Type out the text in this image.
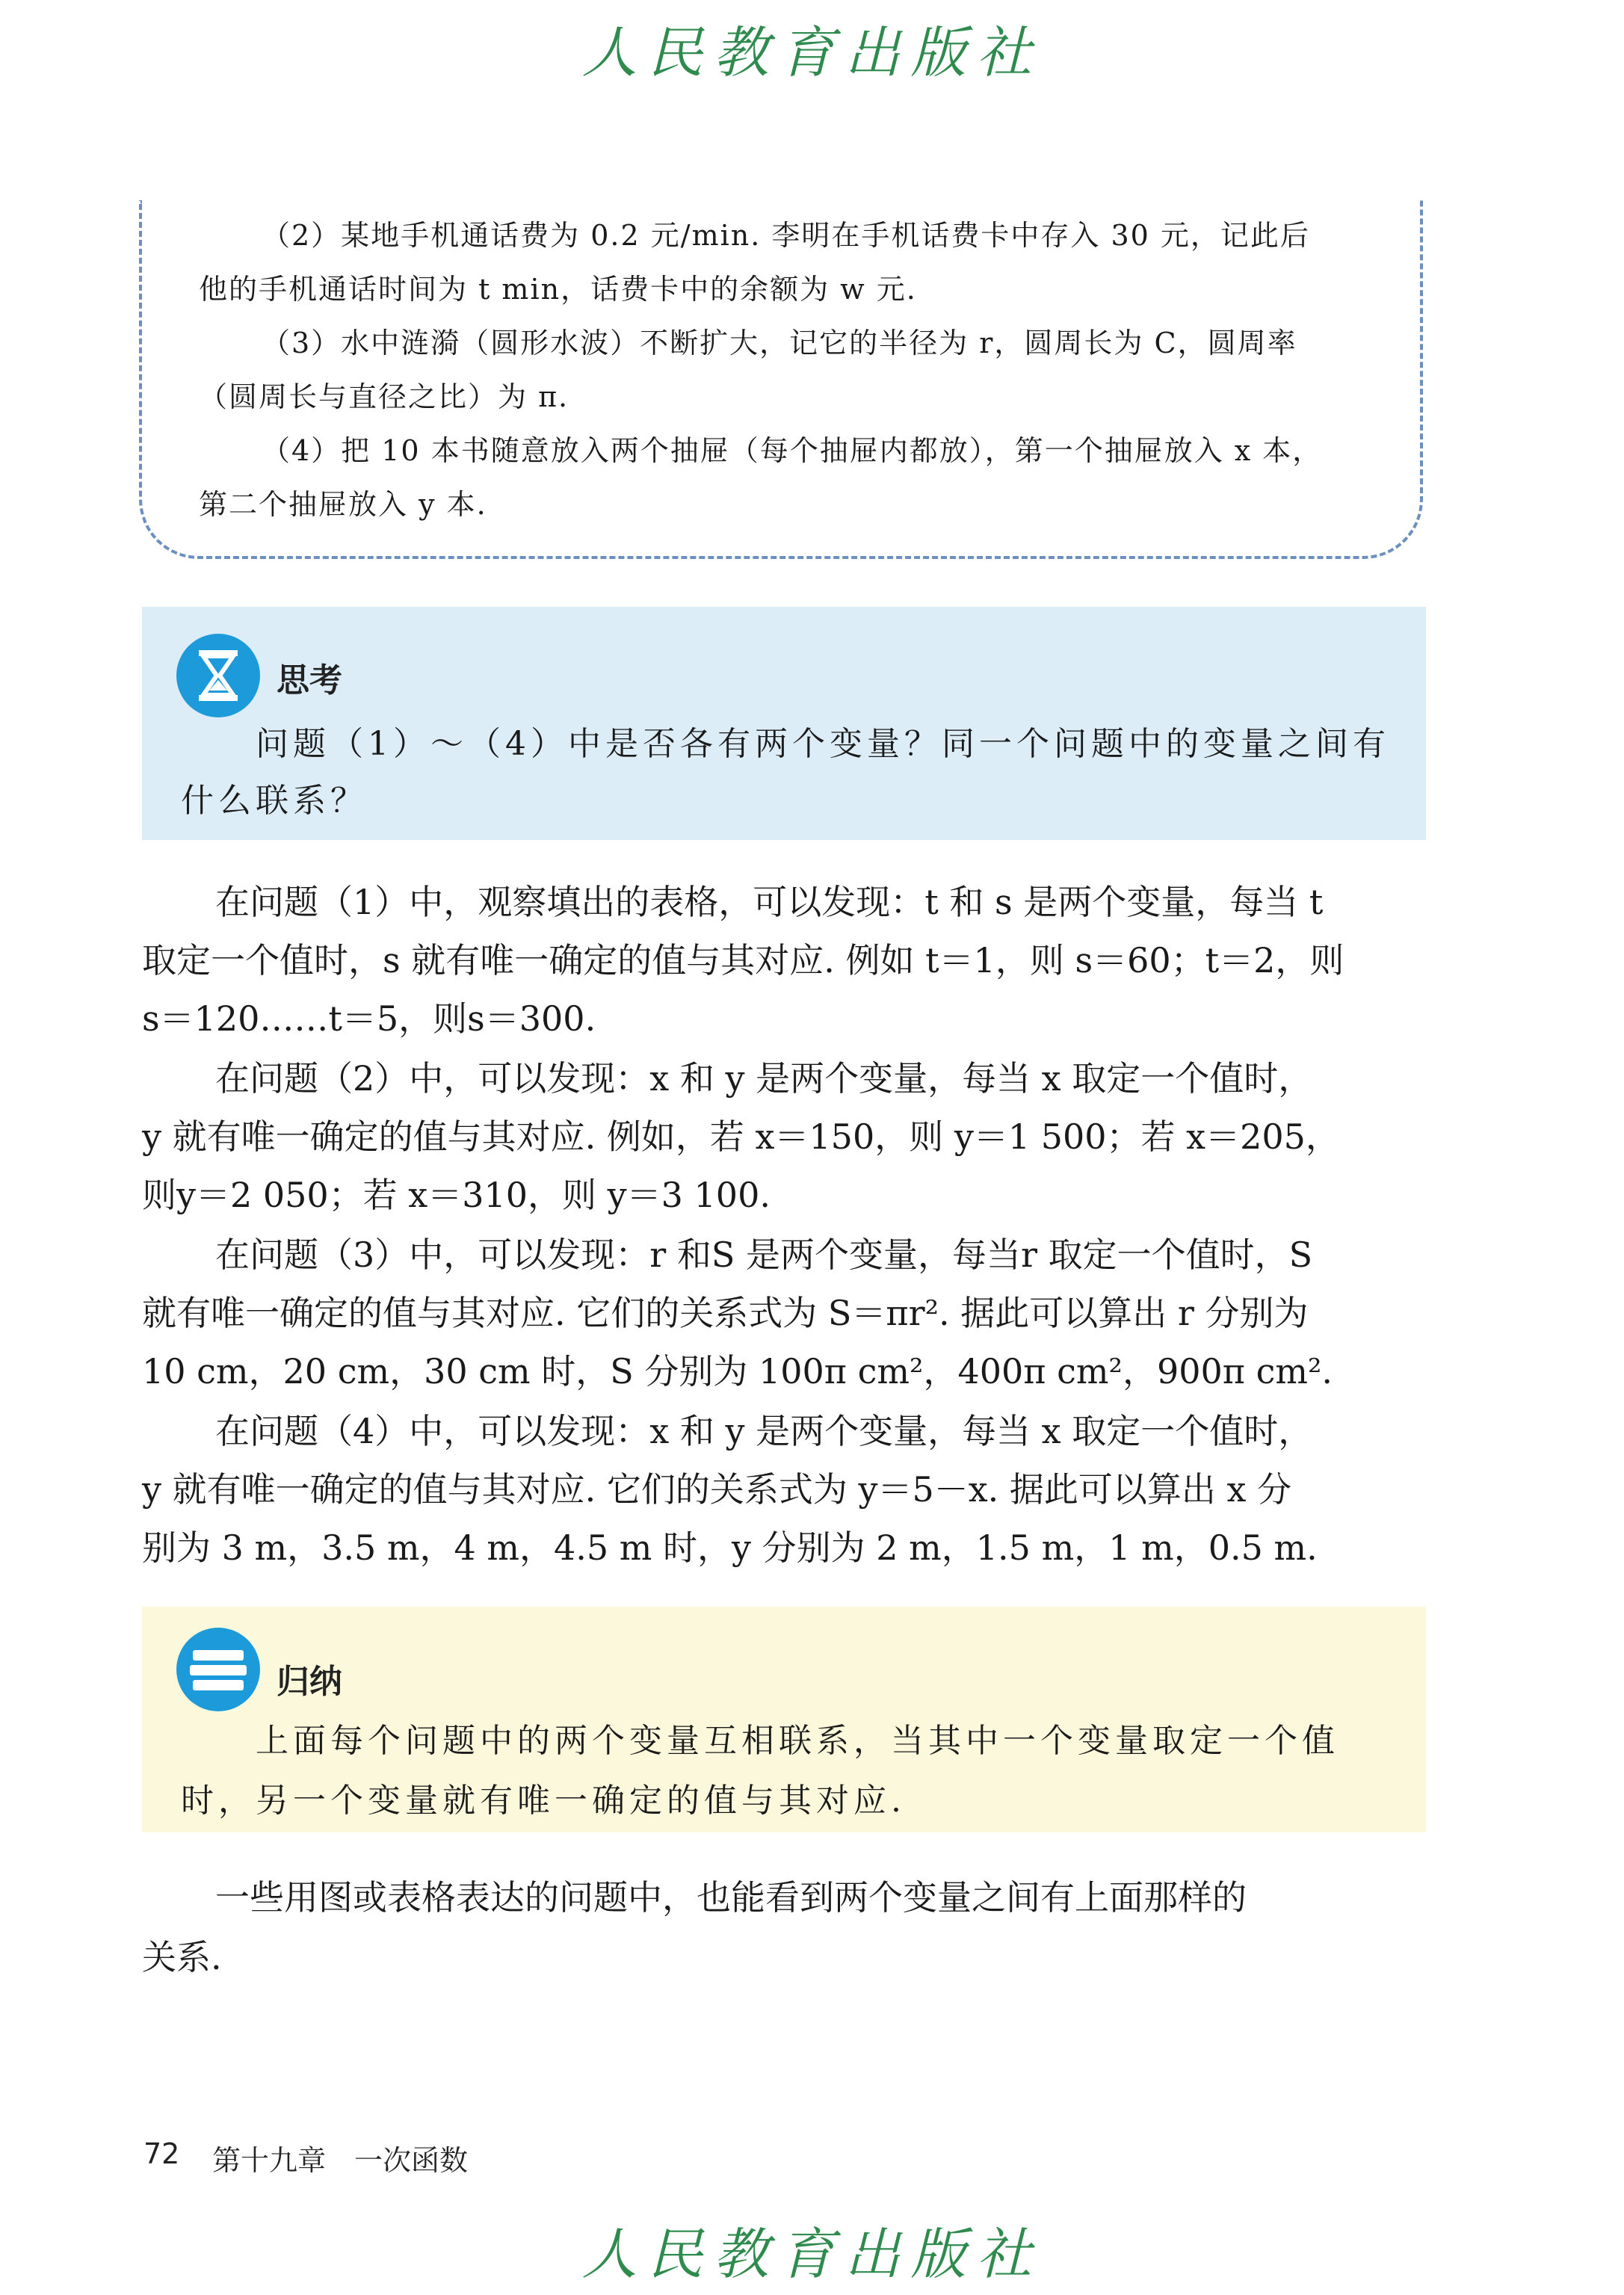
人民教育出版社
（2）某地手机通话费为 0.2 元/min. 李明在手机话费卡中存入 30 元，记此后
他的手机通话时间为 t min，话费卡中的余额为 w 元.
（3）水中涟漪（圆形水波）不断扩大，记它的半径为 r，圆周长为 C，圆周率
（圆周长与直径之比）为 π.
（4）把 10 本书随意放入两个抽屉（每个抽屉内都放），第一个抽屉放入 x 本，
第二个抽屉放入 y 本.
思考
问题（1）～（4）中是否各有两个变量？同一个问题中的变量之间有
什么联系？
在问题（1）中，观察填出的表格，可以发现：t 和 s 是两个变量，每当 t
取定一个值时，s 就有唯一确定的值与其对应. 例如 t＝1，则 s＝60；t＝2，则
s＝120……t＝5，则s＝300.
在问题（2）中，可以发现：x 和 y 是两个变量，每当 x 取定一个值时，
y 就有唯一确定的值与其对应. 例如，若 x＝150，则 y＝1 500；若 x＝205，
则y＝2 050；若 x＝310，则 y＝3 100.
在问题（3）中，可以发现：r 和S 是两个变量，每当r 取定一个值时，S
就有唯一确定的值与其对应. 它们的关系式为 S＝πr². 据此可以算出 r 分别为
10 cm，20 cm，30 cm 时，S 分别为 100π cm²，400π cm²，900π cm².
在问题（4）中，可以发现：x 和 y 是两个变量，每当 x 取定一个值时，
y 就有唯一确定的值与其对应. 它们的关系式为 y＝5－x. 据此可以算出 x 分
别为 3 m，3.5 m，4 m，4.5 m 时，y 分别为 2 m，1.5 m，1 m，0.5 m.
归纳
上面每个问题中的两个变量互相联系，当其中一个变量取定一个值
时，另一个变量就有唯一确定的值与其对应.
一些用图或表格表达的问题中，也能看到两个变量之间有上面那样的
关系.
72 第十九章　一次函数
人民教育出版社
